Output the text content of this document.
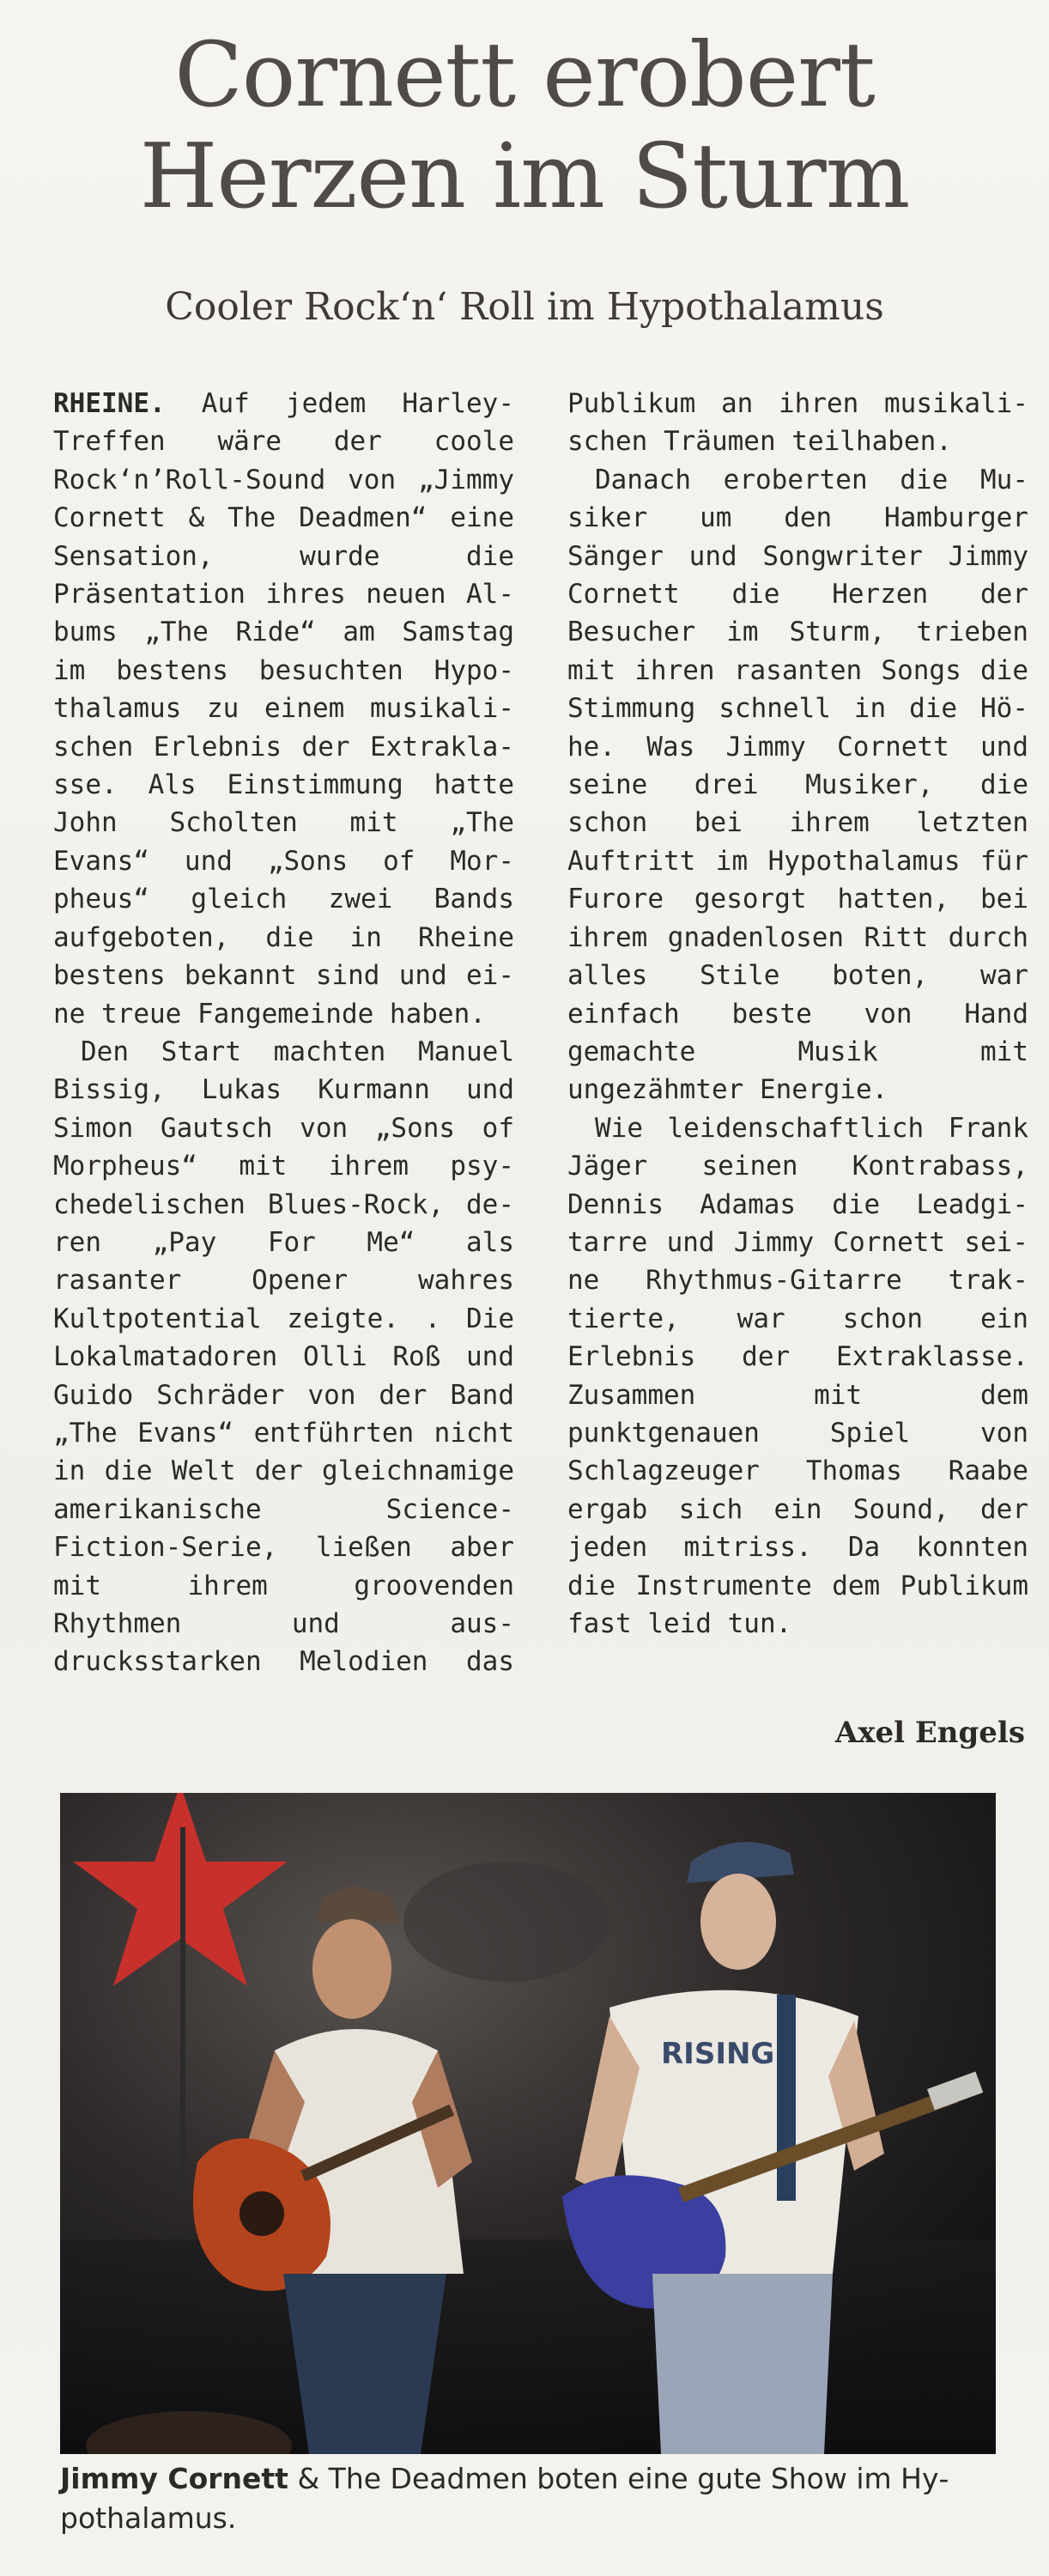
Cornett erobert
Herzen im Sturm
Cooler Rock‘n‘ Roll im Hypothalamus

RHEINE. Auf jedem Harley-Treffen wäre der coole Rock‘n’Roll-Sound von „Jimmy Cornett & The Deadmen“ eine Sensation, wurde die Präsentation ihres neuen Albums „The Ride“ am Samstag im bestens besuchten Hypothalamus zu einem musikalischen Erlebnis der Extraklasse. Als Einstimmung hatte John Scholten mit „The Evans“ und „Sons of Morpheus“ gleich zwei Bands aufgeboten, die in Rheine bestens bekannt sind und eine treue Fangemeinde haben.

Den Start machten Manuel Bissig, Lukas Kurmann und Simon Gautsch von „Sons of Morpheus“ mit ihrem psychedelischen Blues-Rock, deren „Pay For Me“ als rasanter Opener wahres Kultpotential zeigte. . Die Lokalmatadoren Olli Roß und Guido Schräder von der Band „The Evans“ entführten nicht in die Welt der gleichnamige amerikanische Science-Fiction-Serie, ließen aber mit ihrem groovenden Rhythmen und ausdrucksstarken Melodien das Publikum an ihren musikalischen Träumen teilhaben.

Danach eroberten die Musiker um den Hamburger Sänger und Songwriter Jimmy Cornett die Herzen der Besucher im Sturm, trieben mit ihren rasanten Songs die Stimmung schnell in die Höhe. Was Jimmy Cornett und seine drei Musiker, die schon bei ihrem letzten Auftritt im Hypothalamus für Furore gesorgt hatten, bei ihrem gnadenlosen Ritt durch alles Stile boten, war einfach beste von Hand gemachte Musik mit ungezähmter Energie.

Wie leidenschaftlich Frank Jäger seinen Kontrabass, Dennis Adamas die Leadgitarre und Jimmy Cornett seine Rhythmus-Gitarre traktierte, war schon ein Erlebnis der Extraklasse. Zusammen mit dem punktgenauen Spiel von Schlagzeuger Thomas Raabe ergab sich ein Sound, der jeden mitriss. Da konnten die Instrumente dem Publikum fast leid tun.

Axel Engels
RISING
Jimmy Cornett & The Deadmen boten eine gute Show im Hypothalamus.
